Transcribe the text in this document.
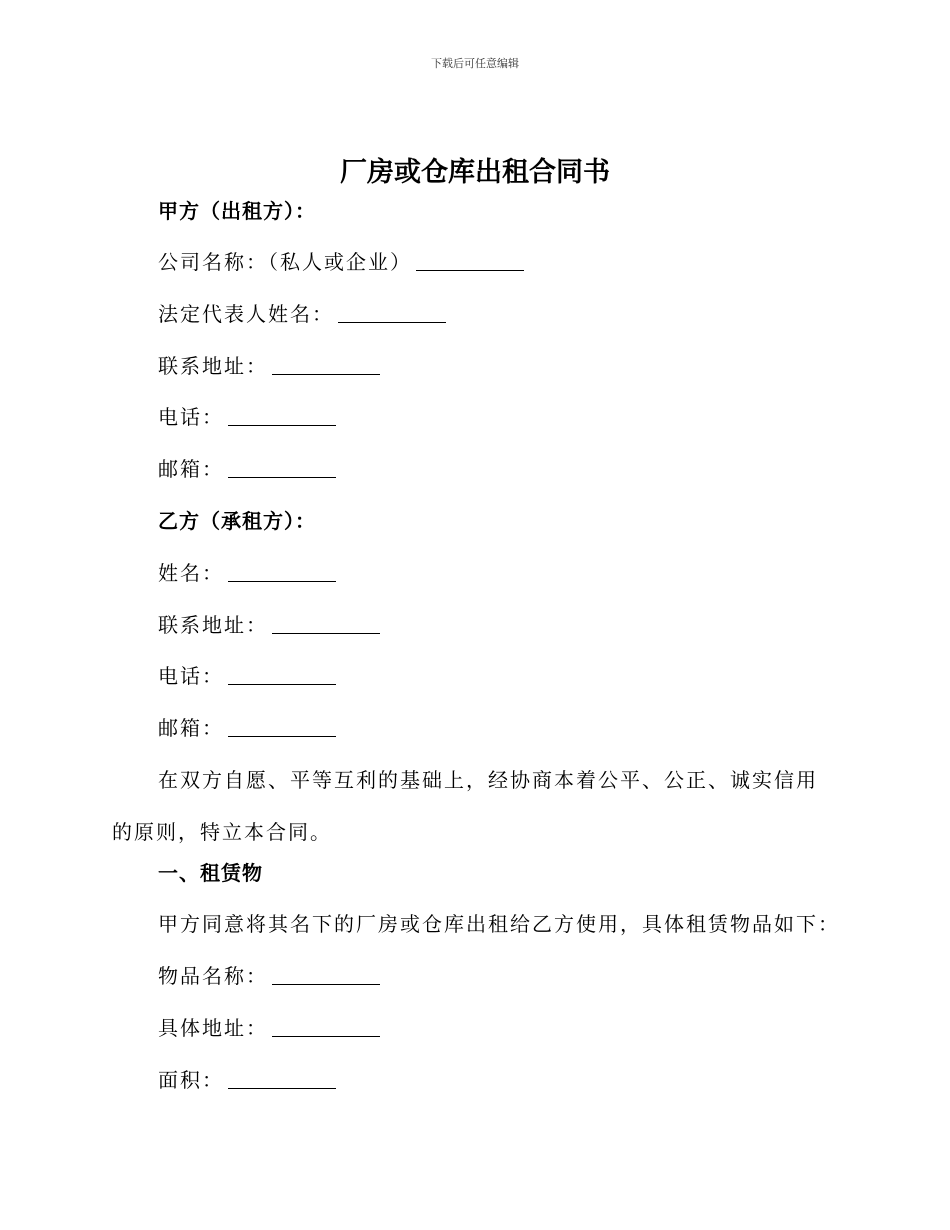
下载后可任意编辑
厂房或仓库出租合同书
甲方（出租方）：
公司名称：（私人或企业）
法定代表人姓名：
联系地址：
电话：
邮箱：
乙方（承租方）：
姓名：
联系地址：
电话：
邮箱：
在双方自愿、平等互利的基础上，经协商本着公平、公正、诚实信用的原则，特立本合同。
一、租赁物
甲方同意将其名下的厂房或仓库出租给乙方使用，具体租赁物品如下：
物品名称：
具体地址：
面积：
